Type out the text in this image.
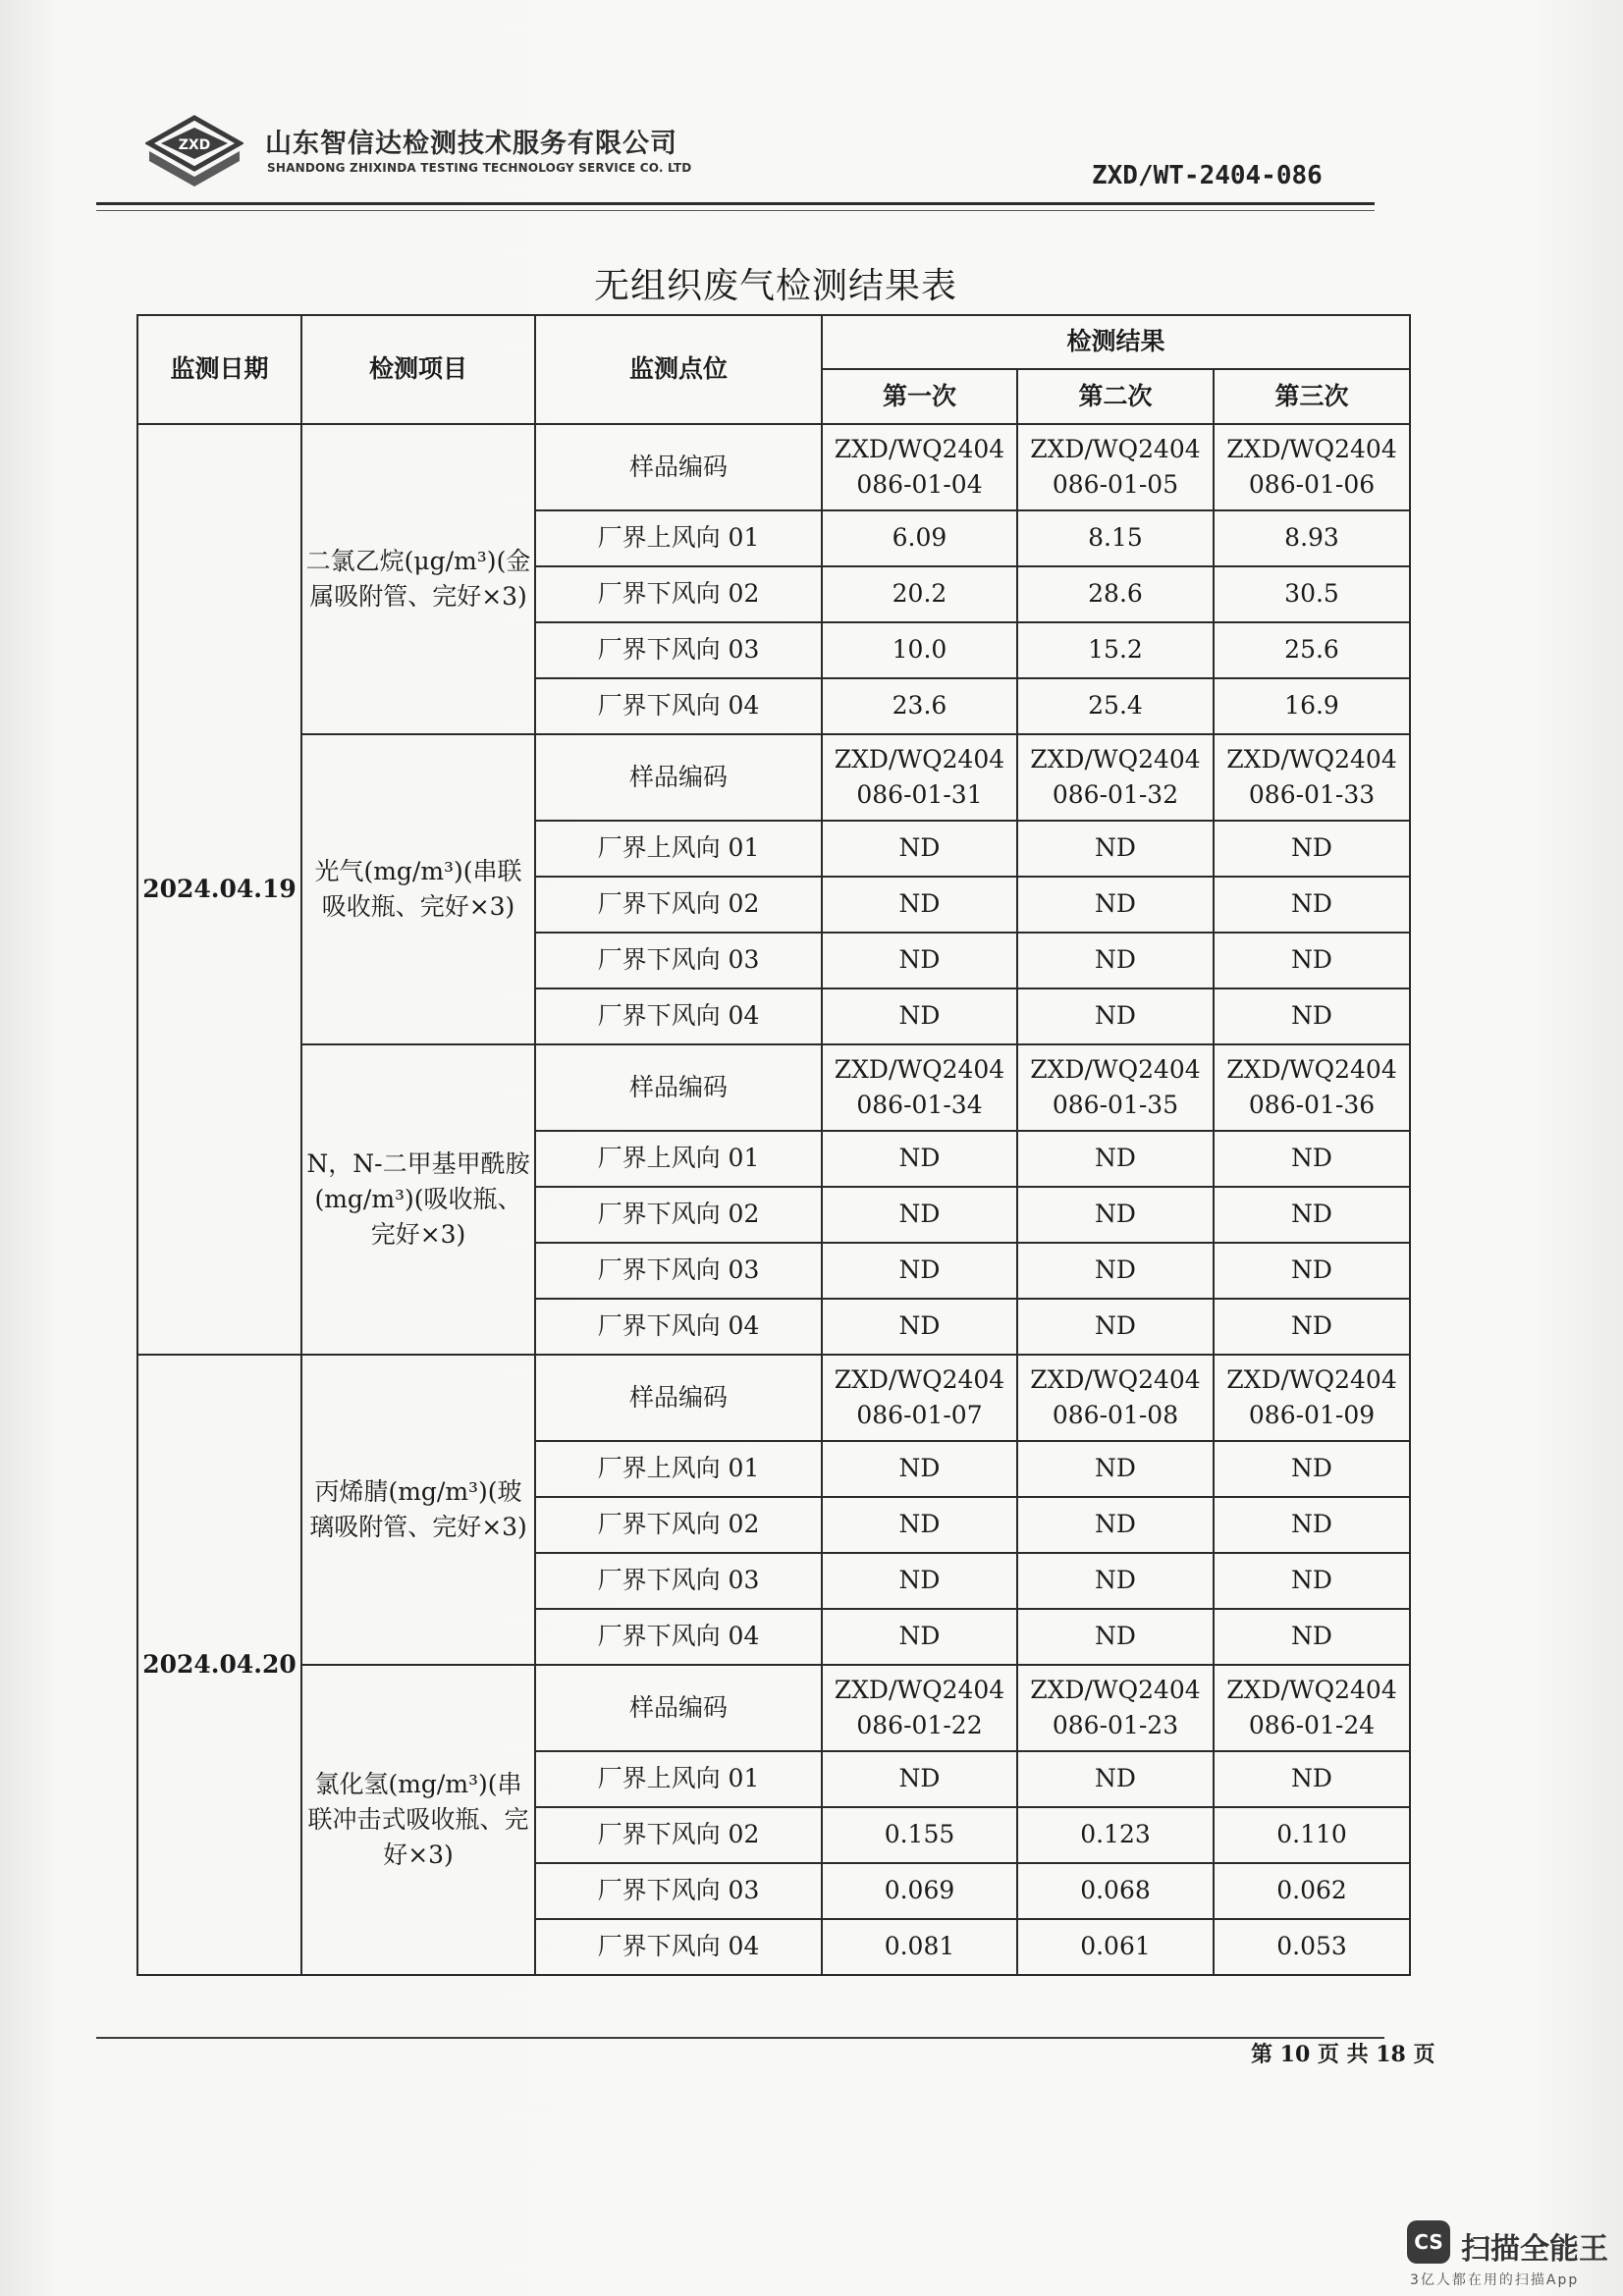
ZXD 山东智信达检测技术服务有限公司
SHANDONG ZHIXINDA TESTING TECHNOLOGY SERVICE CO. LTD	ZXD/WT-2404-086
无组织废气检测结果表
监测日期	检测项目	监测点位	检测结果		
			第一次	第二次	第三次
2024.04.19	二氯乙烷(μg/m³)(金属吸附管、完好×3)	样品编码	ZXD/WQ2404 086-01-04	ZXD/WQ2404 086-01-05	ZXD/WQ2404 086-01-06
		厂界上风向 01	6.09	8.15	8.93
		厂界下风向 02	20.2	28.6	30.5
		厂界下风向 03	10.0	15.2	25.6
		厂界下风向 04	23.6	25.4	16.9
	光气(mg/m³)(串联吸收瓶、完好×3)	样品编码	ZXD/WQ2404 086-01-31	ZXD/WQ2404 086-01-32	ZXD/WQ2404 086-01-33
		厂界上风向 01	ND	ND	ND
		厂界下风向 02	ND	ND	ND
		厂界下风向 03	ND	ND	ND
		厂界下风向 04	ND	ND	ND
	N，N-二甲基甲酰胺(mg/m³)(吸收瓶、完好×3)	样品编码	ZXD/WQ2404 086-01-34	ZXD/WQ2404 086-01-35	ZXD/WQ2404 086-01-36
		厂界上风向 01	ND	ND	ND
		厂界下风向 02	ND	ND	ND
		厂界下风向 03	ND	ND	ND
		厂界下风向 04	ND	ND	ND
2024.04.20	丙烯腈(mg/m³)(玻璃吸附管、完好×3)	样品编码	ZXD/WQ2404 086-01-07	ZXD/WQ2404 086-01-08	ZXD/WQ2404 086-01-09
		厂界上风向 01	ND	ND	ND
		厂界下风向 02	ND	ND	ND
		厂界下风向 03	ND	ND	ND
		厂界下风向 04	ND	ND	ND
	氯化氢(mg/m³)(串联冲击式吸收瓶、完好×3)	样品编码	ZXD/WQ2404 086-01-22	ZXD/WQ2404 086-01-23	ZXD/WQ2404 086-01-24
		厂界上风向 01	ND	ND	ND
		厂界下风向 02	0.155	0.123	0.110
		厂界下风向 03	0.069	0.068	0.062
		厂界下风向 04	0.081	0.061	0.053
第 10 页 共 18 页
CS 扫描全能王
3亿人都在用的扫描App
